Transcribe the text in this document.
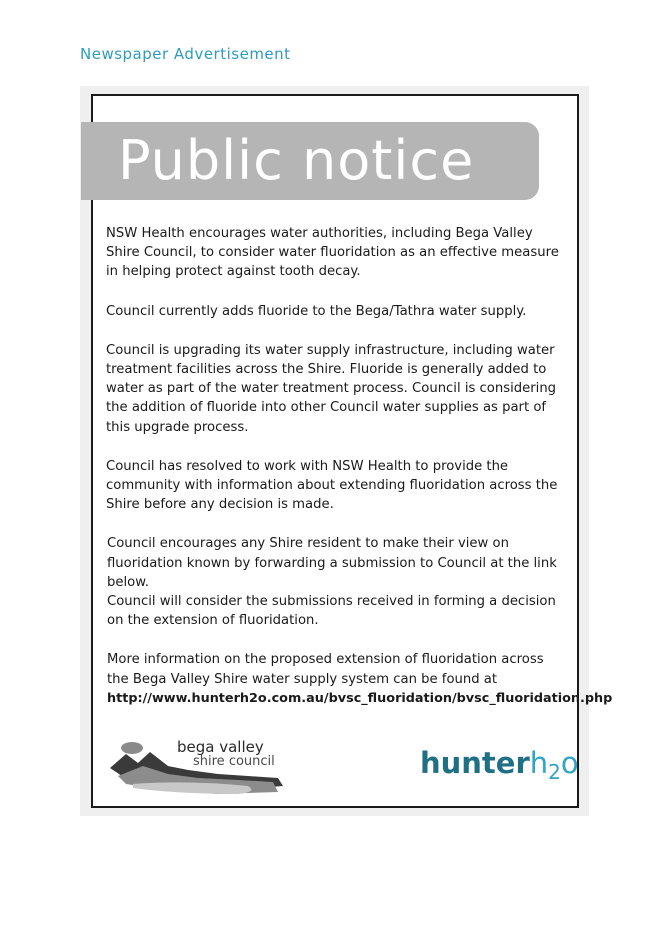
Newspaper Advertisement
Public notice

NSW Health encourages water authorities, including Bega Valley Shire Council, to consider water fluoridation as an effective measure in helping protect against tooth decay.

Council currently adds fluoride to the Bega/Tathra water supply.

Council is upgrading its water supply infrastructure, including water treatment facilities across the Shire. Fluoride is generally added to water as part of the water treatment process. Council is considering the addition of fluoride into other Council water supplies as part of this upgrade process.

Council has resolved to work with NSW Health to provide the community with information about extending fluoridation across the Shire before any decision is made.

Council encourages any Shire resident to make their view on fluoridation known by forwarding a submission to Council at the link below.
Council will consider the submissions received in forming a decision on the extension of fluoridation.

More information on the proposed extension of fluoridation across the Bega Valley Shire water supply system can be found at
http://www.hunterh2o.com.au/bvsc_fluoridation/bvsc_fluoridation.php

bega valley
shire council	hunterh$_2$o
